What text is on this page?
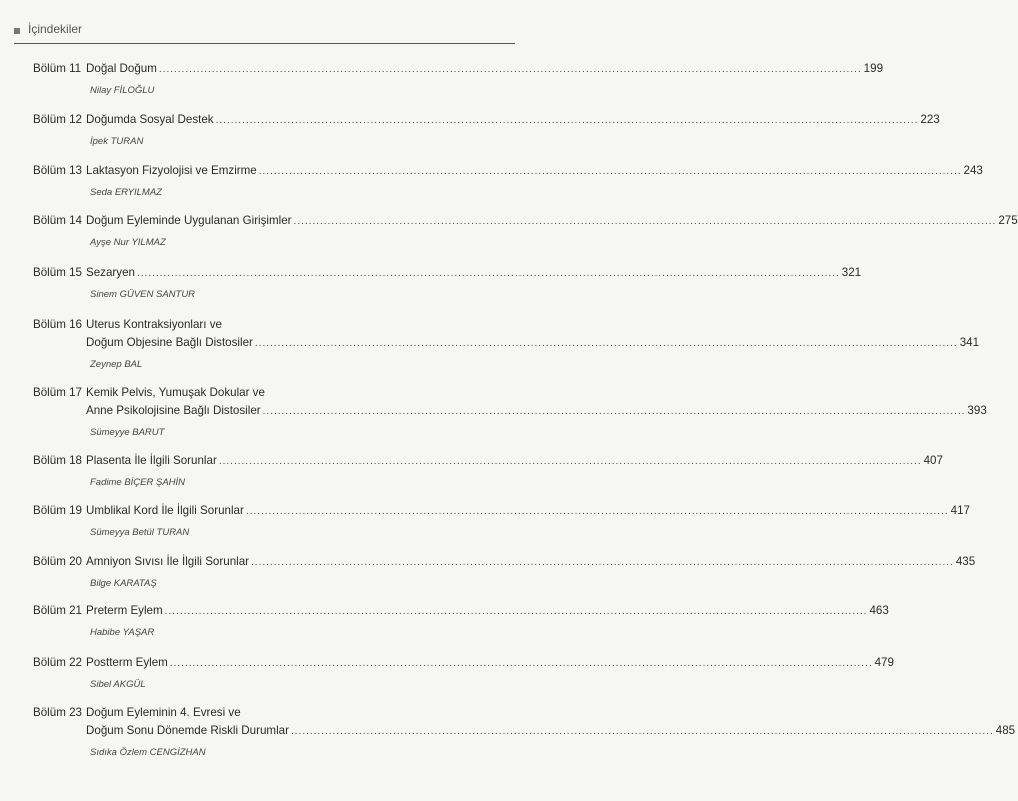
İçindekiler
Bölüm 11 Doğal Doğum .....	199
Nilay FİLOĞLU
Bölüm 12 Doğumda Sosyal Destek .....	223
İpek TURAN
Bölüm 13 Laktasyon Fizyolojisi ve Emzirme .....	243
Seda ERYILMAZ
Bölüm 14 Doğum Eyleminde Uygulanan Girişimler .....	275
Ayşe Nur YILMAZ
Bölüm 15 Sezaryen .....	321
Sinem GÜVEN SANTUR
Bölüm 16 Uterus Kontraksiyonları ve
Doğum Objesine Bağlı Distosiler .....	341
Zeynep BAL
Bölüm 17 Kemik Pelvis, Yumuşak Dokular ve
Anne Psikolojisine Bağlı Distosiler .....	393
Sümeyye BARUT
Bölüm 18 Plasenta İle İlgili Sorunlar .....	407
Fadime BİÇER ŞAHİN
Bölüm 19 Umblikal Kord İle İlgili Sorunlar .....	417
Sümeyya Betül TURAN
Bölüm 20 Amniyon Sıvısı İle İlgili Sorunlar .....	435
Bilge KARATAŞ
Bölüm 21 Preterm Eylem .....	463
Habibe YAŞAR
Bölüm 22 Postterm Eylem .....	479
Sibel AKGÜL
Bölüm 23 Doğum Eyleminin 4. Evresi ve
Doğum Sonu Dönemde Riskli Durumlar .....	485
Sıdıka Özlem CENGİZHAN
